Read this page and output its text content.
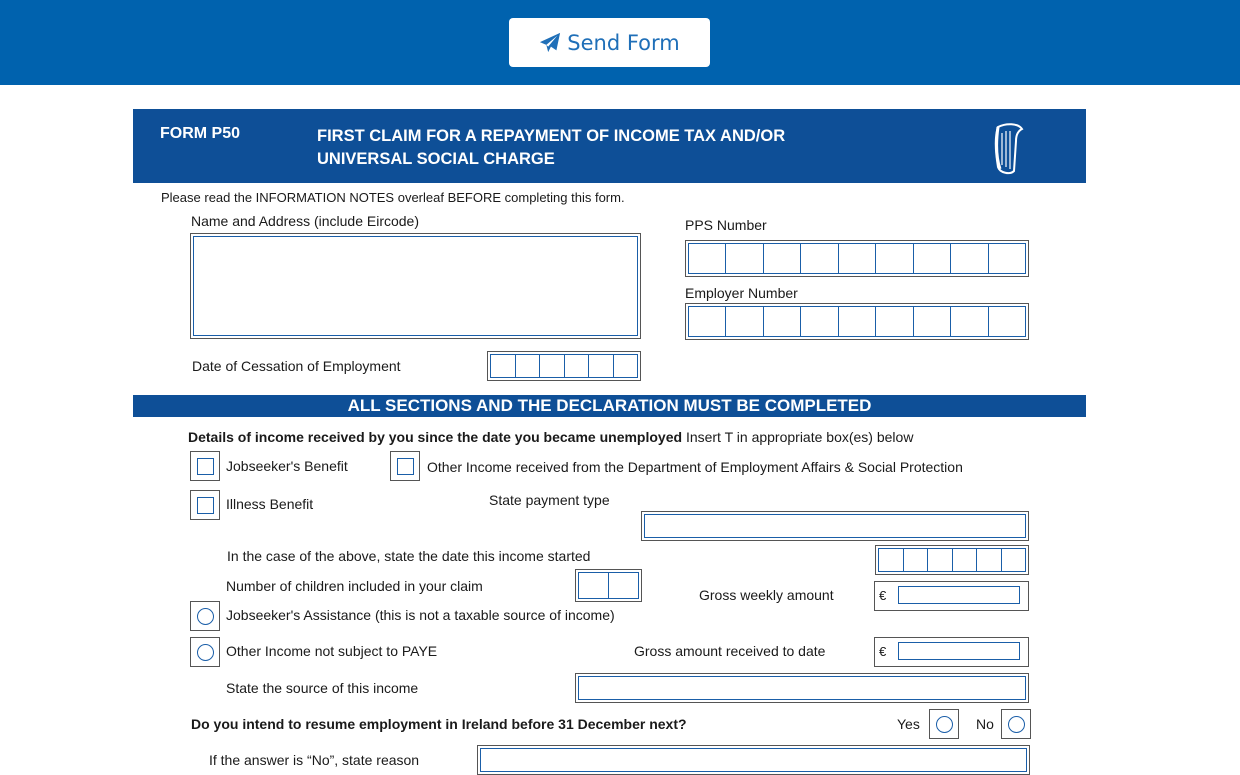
Send Form
FORM P50	FIRST CLAIM FOR A REPAYMENT OF INCOME TAX AND/OR
UNIVERSAL SOCIAL CHARGE
Please read the INFORMATION NOTES overleaf BEFORE completing this form.
Name and Address (include Eircode)	PPS Number
Employer Number
Date of Cessation of Employment
ALL SECTIONS AND THE DECLARATION MUST BE COMPLETED
Details of income received by you since the date you became unemployed Insert T in appropriate box(es) below
Jobseeker's Benefit	Other Income received from the Department of Employment Affairs & Social Protection
Illness Benefit	State payment type
In the case of the above, state the date this income started
Number of children included in your claim
Gross weekly amount	€
Jobseeker's Assistance (this is not a taxable source of income)
Other Income not subject to PAYE	Gross amount received to date	€
State the source of this income
Do you intend to resume employment in Ireland before 31 December next?	Yes	No
If the answer is “No”, state reason
